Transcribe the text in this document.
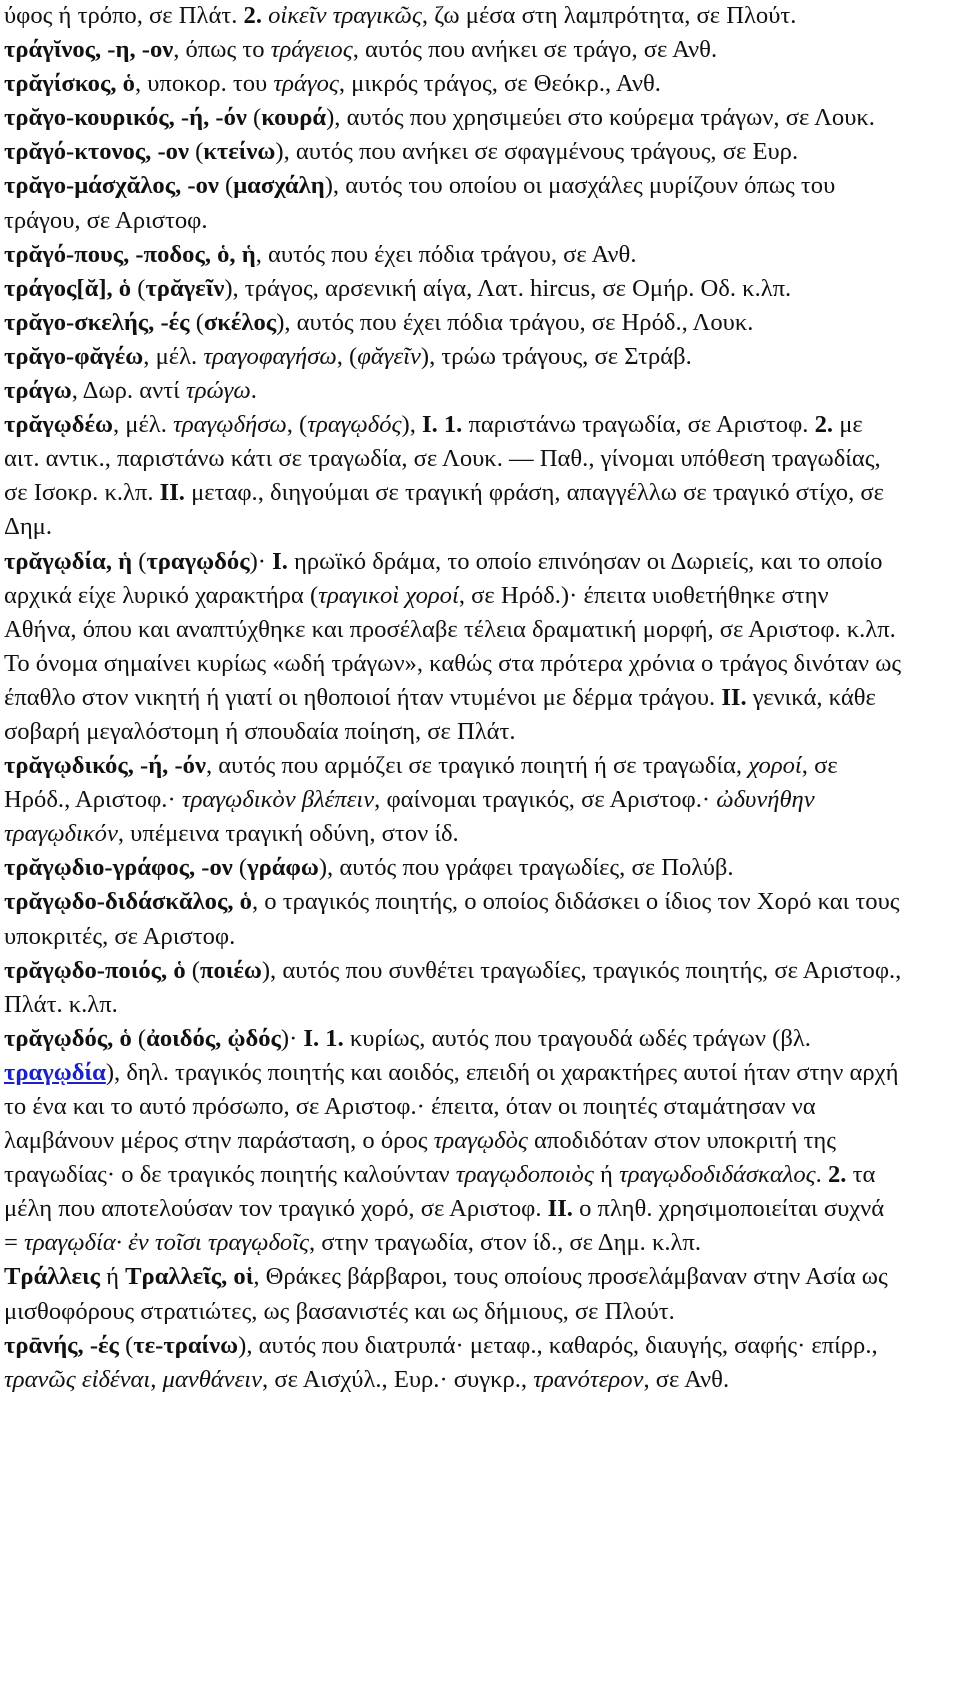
ύφος ή τρόπο, σε Πλάτ. 2. οἰκεῖν τραγικῶς, ζω μέσα στη λαμπρότητα, σε Πλούτ.

τράγῐνος, -η, -ον, όπως το τράγειος, αυτός που ανήκει σε τράγο, σε Ανθ.

τρᾰγίσκος, ὁ, υποκορ. του τράγος, μικρός τράγος, σε Θεόκρ., Ανθ.

τρᾰγο-κουρικός, -ή, -όν (κουρά), αυτός που χρησιμεύει στο κούρεμα τράγων, σε Λουκ.

τρᾰγό-κτονος, -ον (κτείνω), αυτός που ανήκει σε σφαγμένους τράγους, σε Ευρ.

τρᾰγο-μάσχᾰλος, -ον (μασχάλη), αυτός του οποίου οι μασχάλες μυρίζουν όπως του τράγου, σε Αριστοφ.

τρᾰγό-πους, -ποδος, ὁ, ἡ, αυτός που έχει πόδια τράγου, σε Ανθ.

τράγος[ᾰ], ὁ (τρᾰγεῖν), τράγος, αρσενική αίγα, Λατ. hircus, σε Ομήρ. Οδ. κ.λπ.

τρᾰγο-σκελής, -ές (σκέλος), αυτός που έχει πόδια τράγου, σε Ηρόδ., Λουκ.

τρᾰγο-φᾰγέω, μέλ. τραγοφαγήσω, (φᾰγεῖν), τρώω τράγους, σε Στράβ.

τράγω, Δωρ. αντί τρώγω.

τρᾰγῳδέω, μέλ. τραγῳδήσω, (τραγῳδός), I. 1. παριστάνω τραγωδία, σε Αριστοφ. 2. με αιτ. αντικ., παριστάνω κάτι σε τραγωδία, σε Λουκ. — Παθ., γίνομαι υπόθεση τραγωδίας, σε Ισοκρ. κ.λπ. II. μεταφ., διηγούμαι σε τραγική φράση, απαγγέλλω σε τραγικό στίχο, σε Δημ.

τρᾰγῳδία, ἡ (τραγῳδός)· I. ηρωϊκό δράμα, το οποίο επινόησαν οι Δωριείς, και το οποίο αρχικά είχε λυρικό χαρακτήρα (τραγικοὶ χοροί, σε Ηρόδ.)· έπειτα υιοθετήθηκε στην Αθήνα, όπου και αναπτύχθηκε και προσέλαβε τέλεια δραματική μορφή, σε Αριστοφ. κ.λπ. Το όνομα σημαίνει κυρίως «ωδή τράγων», καθώς στα πρότερα χρόνια ο τράγος δινόταν ως έπαθλο στον νικητή ή γιατί οι ηθοποιοί ήταν ντυμένοι με δέρμα τράγου. II. γενικά, κάθε σοβαρή μεγαλόστομη ή σπουδαία ποίηση, σε Πλάτ.

τρᾰγῳδικός, -ή, -όν, αυτός που αρμόζει σε τραγικό ποιητή ή σε τραγωδία, χοροί, σε Ηρόδ., Αριστοφ.· τραγῳδικὸν βλέπειν, φαίνομαι τραγικός, σε Αριστοφ.· ὠδυνήθην τραγῳδικόν, υπέμεινα τραγική οδύνη, στον ίδ.

τρᾰγῳδιο-γράφος, -ον (γράφω), αυτός που γράφει τραγωδίες, σε Πολύβ.

τρᾰγῳδο-διδάσκᾰλος, ὁ, ο τραγικός ποιητής, ο οποίος διδάσκει ο ίδιος τον Χορό και τους υποκριτές, σε Αριστοφ.

τρᾰγῳδο-ποιός, ὁ (ποιέω), αυτός που συνθέτει τραγωδίες, τραγικός ποιητής, σε Αριστοφ., Πλάτ. κ.λπ.

τρᾰγῳδός, ὁ (ἀοιδός, ᾠδός)· I. 1. κυρίως, αυτός που τραγουδά ωδές τράγων (βλ. τραγῳδία), δηλ. τραγικός ποιητής και αοιδός, επειδή οι χαρακτήρες αυτοί ήταν στην αρχή το ένα και το αυτό πρόσωπο, σε Αριστοφ.· έπειτα, όταν οι ποιητές σταμάτησαν να λαμβάνουν μέρος στην παράσταση, ο όρος τραγῳδὸς αποδιδόταν στον υποκριτή της τραγωδίας· ο δε τραγικός ποιητής καλούνταν τραγῳδοποιὸς ή τραγῳδοδιδάσκαλος. 2. τα μέλη που αποτελούσαν τον τραγικό χορό, σε Αριστοφ. II. ο πληθ. χρησιμοποιείται συχνά = τραγῳδία· ἐν τοῖσι τραγῳδοῖς, στην τραγωδία, στον ίδ., σε Δημ. κ.λπ.

Τράλλεις ή Τραλλεῖς, οἱ, Θράκες βάρβαροι, τους οποίους προσελάμβαναν στην Ασία ως μισθοφόρους στρατιώτες, ως βασανιστές και ως δήμιους, σε Πλούτ.

τρᾱνής, -ές (τε-τραίνω), αυτός που διατρυπά· μεταφ., καθαρός, διαυγής, σαφής· επίρρ., τρανῶς εἰδέναι, μανθάνειν, σε Αισχύλ., Ευρ.· συγκρ., τρανότερον, σε Ανθ.
